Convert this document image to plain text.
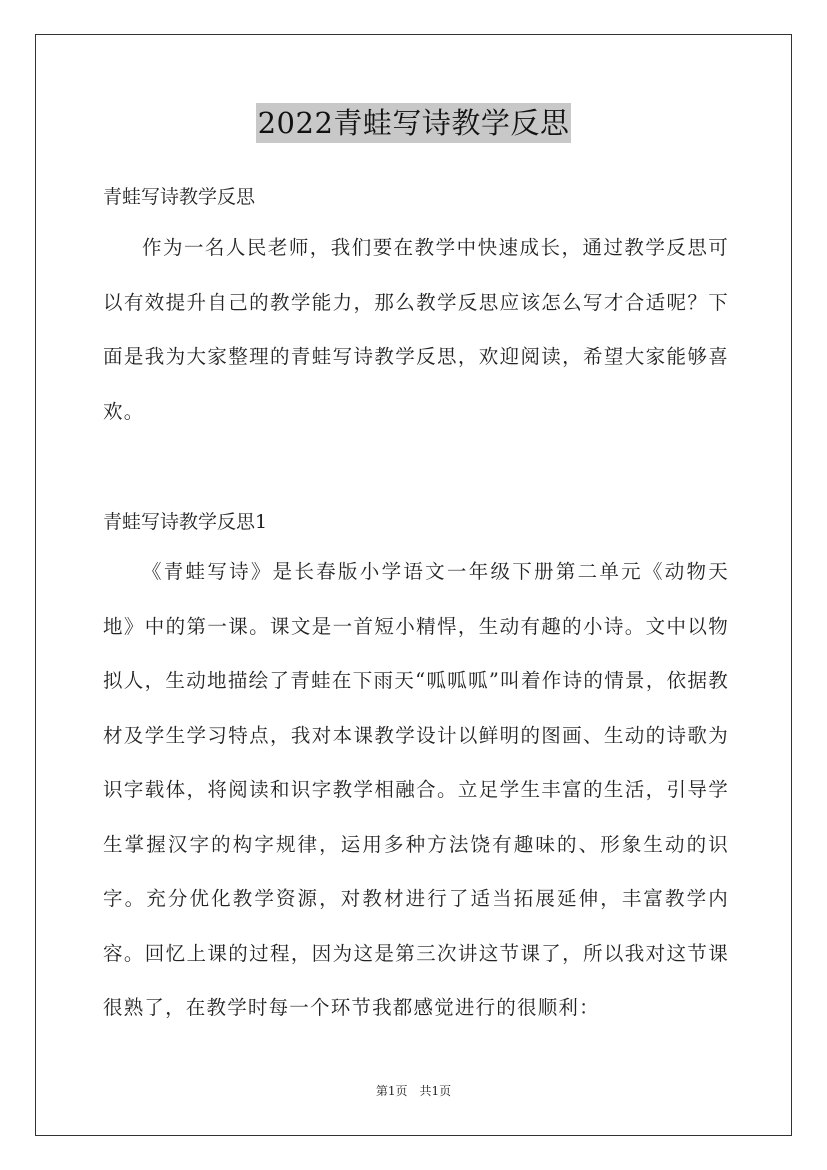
2022青蛙写诗教学反思
青蛙写诗教学反思

作为一名人民老师，我们要在教学中快速成长，通过教学反思可以有效提升自己的教学能力，那么教学反思应该怎么写才合适呢？下面是我为大家整理的青蛙写诗教学反思，欢迎阅读，希望大家能够喜欢。

青蛙写诗教学反思1

《青蛙写诗》是长春版小学语文一年级下册第二单元《动物天地》中的第一课。课文是一首短小精悍，生动有趣的小诗。文中以物拟人，生动地描绘了青蛙在下雨天“呱呱呱”叫着作诗的情景，依据教材及学生学习特点，我对本课教学设计以鲜明的图画、生动的诗歌为识字载体，将阅读和识字教学相融合。立足学生丰富的生活，引导学生掌握汉字的构字规律，运用多种方法饶有趣味的、形象生动的识字。充分优化教学资源，对教材进行了适当拓展延伸，丰富教学内容。回忆上课的过程，因为这是第三次讲这节课了，所以我对这节课很熟了，在教学时每一个环节我都感觉进行的很顺利：

第1页　共1页
